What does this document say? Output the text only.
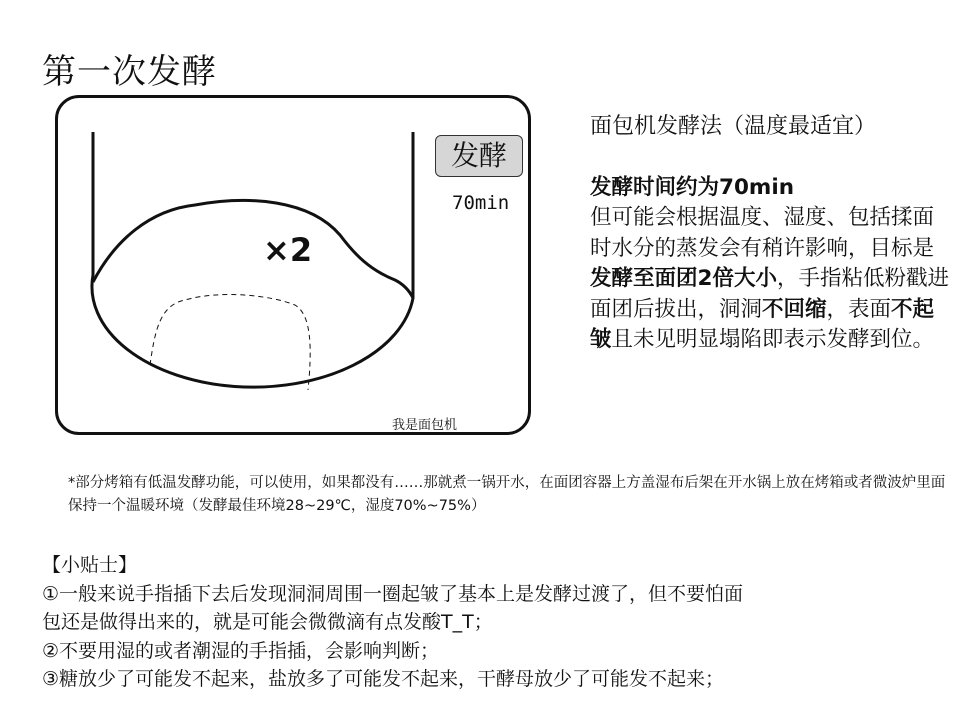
第一次发酵
发酵
70min
×2
我是面包机
面包机发酵法（温度最适宜）
发酵时间约为70min
但可能会根据温度、湿度、包括揉面时水分的蒸发会有稍许影响，目标是发酵至面团2倍大小，手指粘低粉戳进面团后拔出，洞洞不回缩，表面不起皱且未见明显塌陷即表示发酵到位。
*部分烤箱有低温发酵功能，可以使用，如果都没有……那就煮一锅开水，在面团容器上方盖湿布后架在开水锅上放在烤箱或者微波炉里面保持一个温暖环境（发酵最佳环境28~29℃，湿度70%~75%）
【小贴士】
①一般来说手指插下去后发现洞洞周围一圈起皱了基本上是发酵过渡了，但不要怕面
包还是做得出来的，就是可能会微微滴有点发酸T_T；
②不要用湿的或者潮湿的手指插，会影响判断；
③糖放少了可能发不起来，盐放多了可能发不起来，干酵母放少了可能发不起来；
